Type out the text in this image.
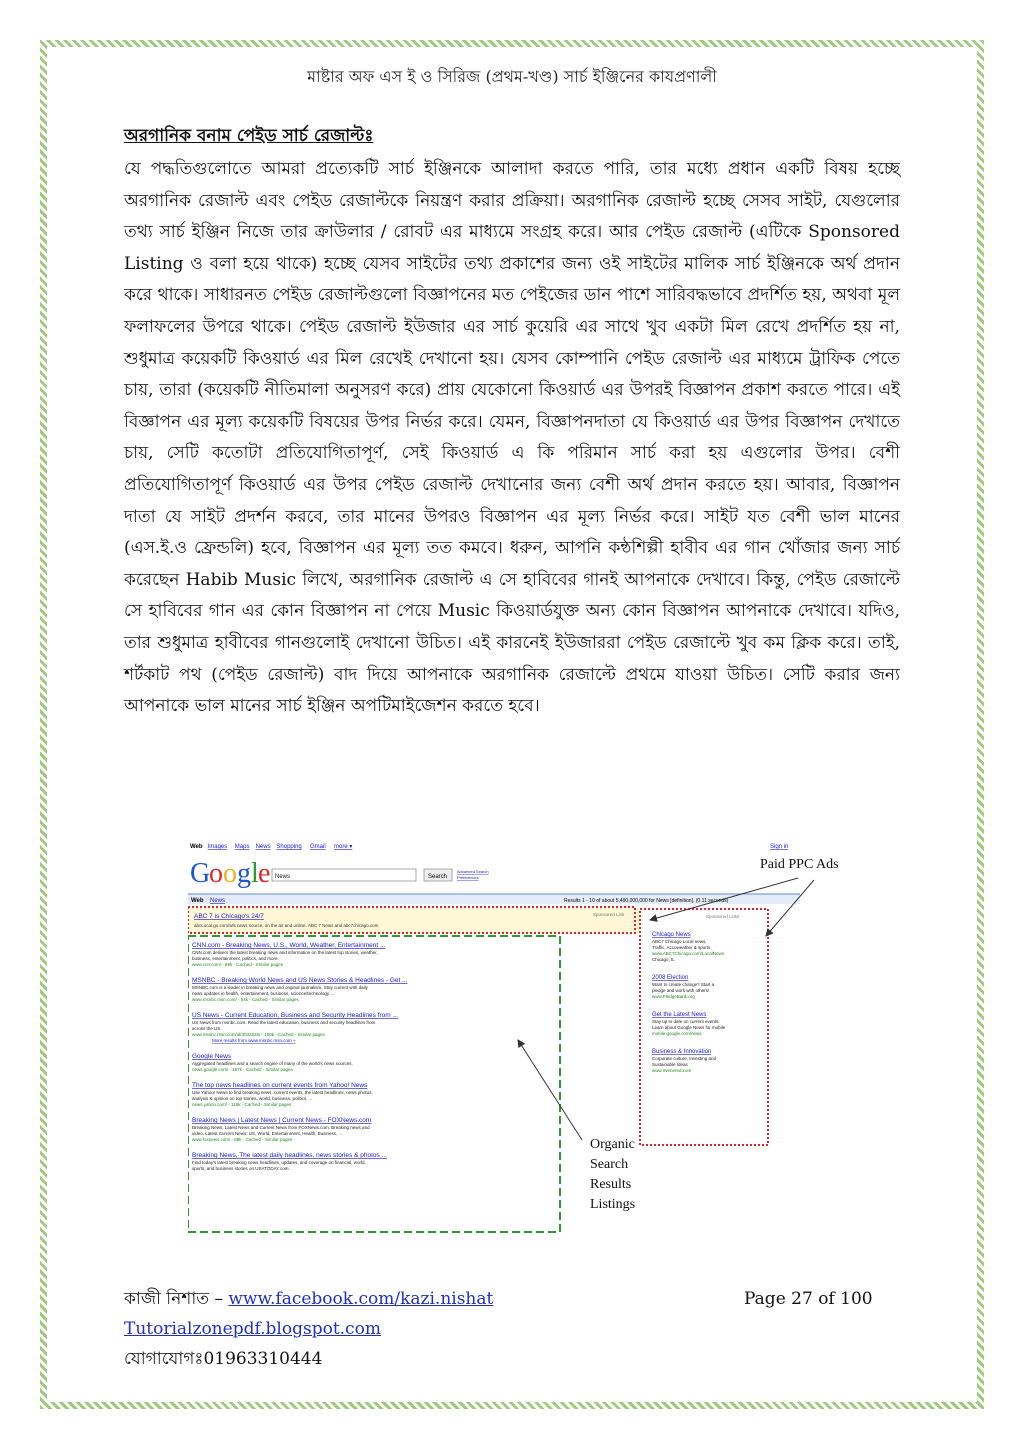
মাষ্টার অফ এস ই ও সিরিজ (প্রথম-খণ্ড) সার্চ ইঞ্জিনের কাযপ্রণালী
অরগানিক বনাম পেইড সার্চ রেজাল্টঃ

যে পদ্ধতিগুলোতে আমরা প্রত্যেকটি সার্চ ইঞ্জিনকে আলাদা করতে পারি, তার মধ্যে প্রধান একটি বিষয় হচ্ছে অরগানিক রেজাল্ট এবং পেইড রেজাল্টকে নিয়ন্ত্রণ করার প্রক্রিয়া। অরগানিক রেজাল্ট হচ্ছে সেসব সাইট, যেগুলোর তথ্য সার্চ ইঞ্জিন নিজে তার ক্রাউলার / রোবট এর মাধ্যমে সংগ্রহ করে। আর পেইড রেজাল্ট (এটিকে Sponsored Listing ও বলা হয়ে থাকে) হচ্ছে যেসব সাইটের তথ্য প্রকাশের জন্য ওই সাইটের মালিক সার্চ ইঞ্জিনকে অর্থ প্রদান করে থাকে। সাধারনত পেইড রেজাল্টগুলো বিজ্ঞাপনের মত পেইজের ডান পাশে সারিবদ্ধভাবে প্রদর্শিত হয়, অথবা মূল ফলাফলের উপরে থাকে। পেইড রেজাল্ট ইউজার এর সার্চ কুয়েরি এর সাথে খুব একটা মিল রেখে প্রদর্শিত হয় না, শুধুমাত্র কয়েকটি কিওয়ার্ড এর মিল রেখেই দেখানো হয়। যেসব কোম্পানি পেইড রেজাল্ট এর মাধ্যমে ট্রাফিক পেতে চায়, তারা (কয়েকটি নীতিমালা অনুসরণ করে) প্রায় যেকোনো কিওয়ার্ড এর উপরই বিজ্ঞাপন প্রকাশ করতে পারে। এই বিজ্ঞাপন এর মূল্য কয়েকটি বিষয়ের উপর নির্ভর করে। যেমন, বিজ্ঞাপনদাতা যে কিওয়ার্ড এর উপর বিজ্ঞাপন দেখাতে চায়, সেটি কতোটা প্রতিযোগিতাপূর্ণ, সেই কিওয়ার্ড এ কি পরিমান সার্চ করা হয় এগুলোর উপর। বেশী প্রতিযোগিতাপূর্ণ কিওয়ার্ড এর উপর পেইড রেজাল্ট দেখানোর জন্য বেশী অর্থ প্রদান করতে হয়। আবার, বিজ্ঞাপন দাতা যে সাইট প্রদর্শন করবে, তার মানের উপরও বিজ্ঞাপন এর মূল্য নির্ভর করে। সাইট যত বেশী ভাল মানের (এস.ই.ও ফ্রেন্ডলি) হবে, বিজ্ঞাপন এর মূল্য তত কমবে। ধরুন, আপনি কন্ঠশিল্পী হাবীব এর গান খোঁজার জন্য সার্চ করেছেন Habib Music লিখে, অরগানিক রেজাল্ট এ সে হাবিবের গানই আপনাকে দেখাবে। কিন্তু, পেইড রেজাল্টে সে হাবিবের গান এর কোন বিজ্ঞাপন না পেয়ে Music কিওয়ার্ডযুক্ত অন্য কোন বিজ্ঞাপন আপনাকে দেখাবে। যদিও, তার শুধুমাত্র হাবীবের গানগুলোই দেখানো উচিত। এই কারনেই ইউজাররা পেইড রেজাল্টে খুব কম ক্লিক করে। তাই, শর্টকাট পথ (পেইড রেজাল্ট) বাদ দিয়ে আপনাকে অরগানিক রেজাল্টে প্রথমে যাওয়া উচিত। সেটি করার জন্য আপনাকে ভাল মানের সার্চ ইঞ্জিন অপটিমাইজেশন করতে হবে।

Web Images Maps News Shopping Gmail more ▾	Sign in
G
o o g l e News	Search
Advanced Search
Preferences
Web News	Results 1 - 10 of about 5,490,000,000 for News [definition]. (0.11 seconds)
ABC 7 is Chicago's 24/7
abcLocal.go.com/wls news source, on the air and online. ABC 7 News and abc7chicago.com
Sponsored Link
CNN.com - Breaking News, U.S., World, Weather, Entertainment ...
CNN.com delivers the latest breaking news and information on the latest top stories, weather,
business, entertainment, politics, and more.
www.cnn.com/ - 89k - Cached - Similar pages
MSNBC - Breaking World News and US News Stories & Headlines - Get ...
MSNBC.com is a leader in breaking news and original journalism. Stay current with daily
news updates in health, entertainment, business, science/technology ...
www.msnbc.msn.com/ - 94k - Cached - Similar pages
US News - Current Education, Business and Security Headlines from ...
US News from msnbc.com. Read the latest education, business and security headlines from
across the US.
www.msnbc.msn.com/id/3032525/ - 100k - Cached - Similar pages
More results from www.msnbc.msn.com »
Google News
Aggregated headlines and a search engine of many of the world's news sources.
news.google.com/ - 167k - Cached - Similar pages
The top news headlines on current events from Yahoo! News
Use Yahoo! News to find breaking news, current events, the latest headlines, news photos,
analysis & opinion on top stories, world, business, politics, ...
news.yahoo.com/ - 115k - Cached - Similar pages
Breaking News | Latest News | Current News - FOXNews.com
Breaking News, Latest News and Current News from FOXNews.com. Breaking news and
video. Latest Current News: US, World, Entertainment, Health, Business, ...
www.foxnews.com/ - 68k - Cached - Similar pages
Breaking News, The latest daily headlines, news stories & photos ...
Find today's latest breaking news headlines, updates, and coverage on financial, world,
sports, and business stories on USATODAY.com.
Sponsored Links
Chicago News
ABC7 Chicago Local news,
Traffic, Accuweather & sports
www.ABC7Chicago.com/LocalNews
Chicago, IL
2008 Election
Want to create change? Start a
pledge and work with others!
www.PledgeBank.org
Get the Latest News
Stay up to date on current events.
Learn about Google News for mobile
mobile.google.com/news
Business & Innovation
Corporate culture, Investing and
Sustainable Ideas
www.nvenered.com
Paid PPC Ads
Organic
Search
Results
Listings
কাজী নিশাত – www.facebook.com/kazi.nishat
Tutorialzonepdf.blogspot.com
যোগাযোগঃ01963310444
Page 27 of 100
